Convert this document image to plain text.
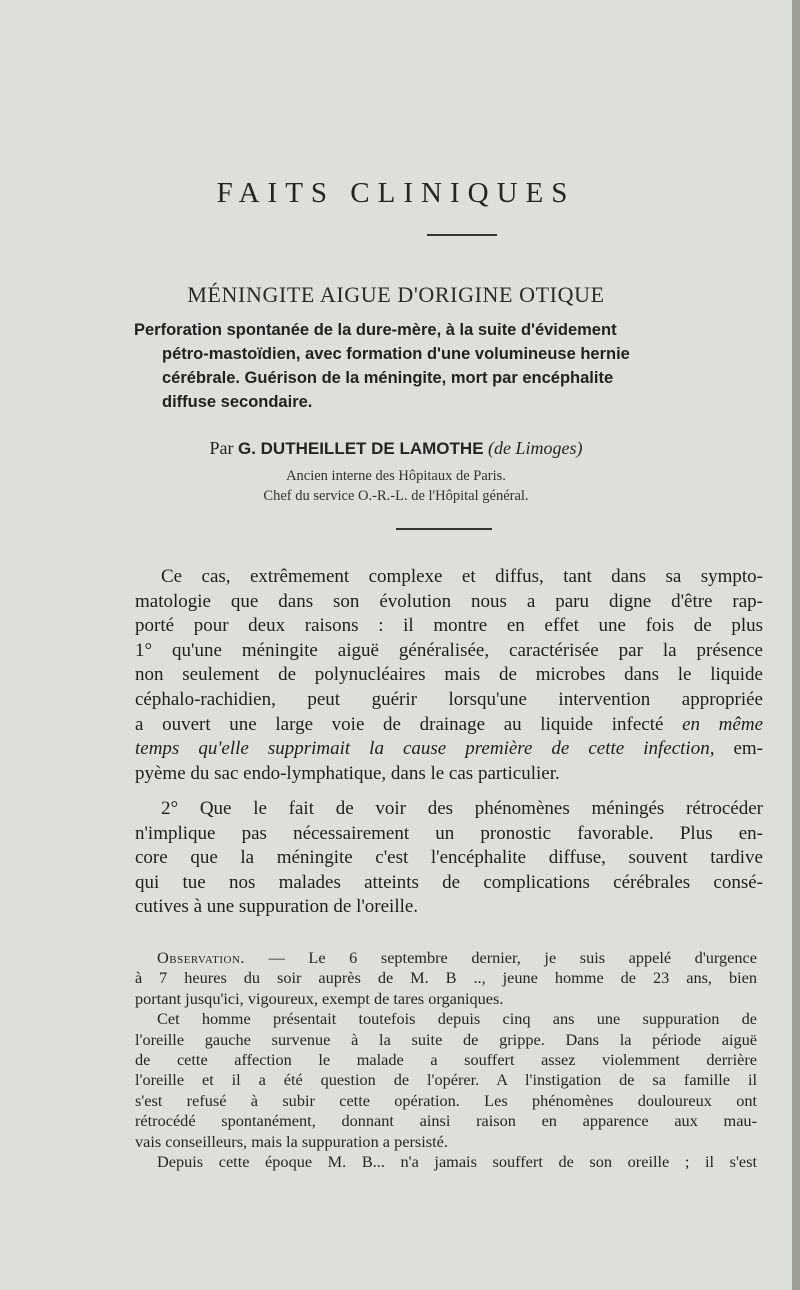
FAITS CLINIQUES
MÉNINGITE AIGUE D'ORIGINE OTIQUE
Perforation spontanée de la dure-mère, à la suite d'évidement
pétro-mastoïdien, avec formation d'une volumineuse hernie
cérébrale. Guérison de la méningite, mort par encéphalite
diffuse secondaire.
Par G. DUTHEILLET DE LAMOTHE (de Limoges)
Ancien interne des Hôpitaux de Paris.
Chef du service O.-R.-L. de l'Hôpital général.
Ce cas, extrêmement complexe et diffus, tant dans sa sympto-
matologie que dans son évolution nous a paru digne d'être rap-
porté pour deux raisons : il montre en effet une fois de plus
1° qu'une méningite aiguë généralisée, caractérisée par la présence
non seulement de polynucléaires mais de microbes dans le liquide
céphalo-rachidien, peut guérir lorsqu'une intervention appropriée
a ouvert une large voie de drainage au liquide infecté en même
temps qu'elle supprimait la cause première de cette infection, em-
pyème du sac endo-lymphatique, dans le cas particulier.
2° Que le fait de voir des phénomènes méningés rétrocéder
n'implique pas nécessairement un pronostic favorable. Plus en-
core que la méningite c'est l'encéphalite diffuse, souvent tardive
qui tue nos malades atteints de complications cérébrales consé-
cutives à une suppuration de l'oreille.
Observation. — Le 6 septembre dernier, je suis appelé d'urgence
à 7 heures du soir auprès de M. B .., jeune homme de 23 ans, bien
portant jusqu'ici, vigoureux, exempt de tares organiques.
Cet homme présentait toutefois depuis cinq ans une suppuration de
l'oreille gauche survenue à la suite de grippe. Dans la période aiguë
de cette affection le malade a souffert assez violemment derrière
l'oreille et il a été question de l'opérer. A l'instigation de sa famille il
s'est refusé à subir cette opération. Les phénomènes douloureux ont
rétrocédé spontanément, donnant ainsi raison en apparence aux mau-
vais conseilleurs, mais la suppuration a persisté.
Depuis cette époque M. B... n'a jamais souffert de son oreille ; il s'est
